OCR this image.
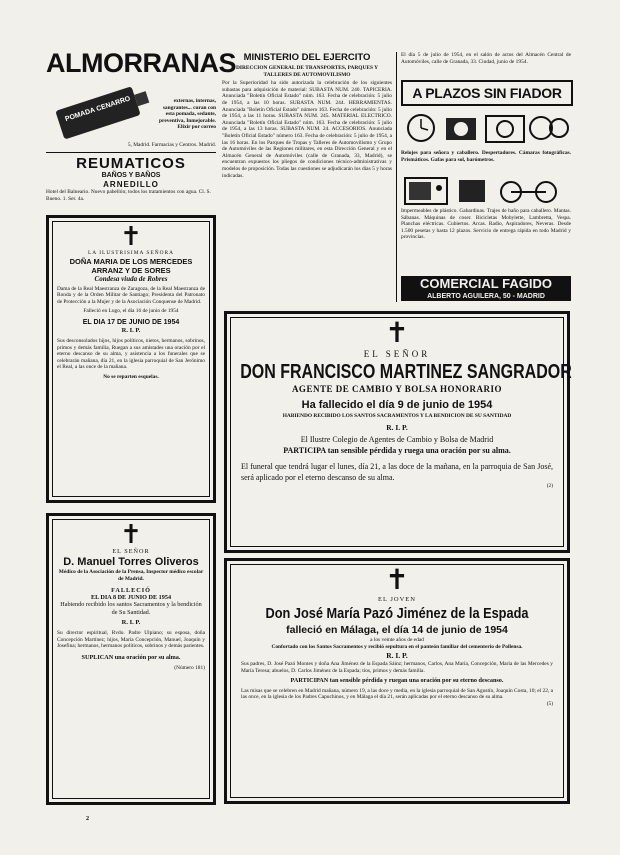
ALMORRANAS
POMADA CENARRO	externas, internas, sangrantes... curan con esta pomada, sedante, preventiva, Inmejorable. Elixir por correo
5, Madrid. Farmacias y Centros. Madrid.
REUMATICOS
BAÑOS Y BAÑOS
ARNEDILLO
Hotel del Balneario. Nuevo pabellón; todos los tratamientos con agua. Cl. S. Bueno. 1. Ser. 4a.
✝
LA ILUSTRISIMA SEÑORA
DOÑA MARIA DE LOS MERCEDES ARRANZ Y DE SORES
Condesa viuda de Robres
Dama de la Real Maestranza de Zaragoza, de la Real Maestranza de Ronda y de la Orden Militar de Santiago; Presidenta del Patronato de Protección a la Mujer y de la Asociación Conquense de Madrid.
Falleció en Lugo, el día 16 de junio de 1954
EL DIA 17 DE JUNIO DE 1954
R. I. P.
Sus desconsolados hijos, hijos políticos, nietos, hermanos, sobrinos, primos y demás familia, Ruegan a sus amistades una oración por el eterno descanso de su alma, y asistencia a los funerales que se celebrarán mañana, día 21, en la iglesia parroquial de San Jerónimo el Real, a las once de la mañana.
No se reparten esquelas.
✝
EL SEÑOR
D. Manuel Torres Oliveros
Médico de la Asociación de la Prensa, Inspector médico escolar de Madrid.
FALLECIÓ
EL DIA 8 DE JUNIO DE 1954
Habiendo recibido los santos Sacramentos y la bendición de Su Santidad.
R. I. P.
Su director espiritual, Rvdo. Padre Ulpiano; su esposa, doña Concepción Martínez; hijos, María Concepción, Manuel, Joaquín y Josefina; hermanos, hermanos políticos, sobrinos y demás parientes.
SUPLICAN una oración por su alma.
(Número 181)
MINISTERIO DEL EJERCITO
DIRECCION GENERAL DE TRANSPORTES, PARQUES Y TALLERES DE AUTOMOVILISMO
Por la Superioridad ha sido autorizada la celebración de los siguientes subastas para adquisición de material: SUBASTA NUM. 240. TAPICERIA. Anunciada "Boletín Oficial Estado" núm. 163. Fecha de celebración: 5 julio de 1954, a las 10 horas. SUBASTA NUM. 244. HERRAMIENTAS. Anunciada "Boletín Oficial Estado" número 163. Fecha de celebración: 5 julio de 1954, a las 11 horas. SUBASTA NUM. 245. MATERIAL ELECTRICO. Anunciada "Boletín Oficial Estado" núm. 163. Fecha de celebración: 5 julio de 1954, a las 13 horas. SUBASTA NUM. 24. ACCESORIOS. Anunciada "Boletín Oficial Estado" número 163. Fecha de celebración: 5 julio de 1954, a las 16 horas. En los Parques de Tropas y Talleres de Automovilismo y Grupo de Automóviles de las Regiones militares, en esta Dirección General y en el Almacén General de Automóviles (calle de Granada, 33, Madrid), se encuentran expuestos los pliegos de condiciones técnico-administrativas y modelos de proposición. Todas las cuestiones se adjudicarán los días 5 y horas indicadas.
El día 5 de julio de 1954, en el salón de actos del Almacén Central de Automóviles, calle de Granada, 33. Ciudad, junio de 1954.
A PLAZOS SIN FIADOR
Relojes para señora y caballero. Despertadores. Cámaras fotográficas. Prismáticos. Gafas para sol, barómetros.
Impermeables de plástico. Gabardinas. Trajes de baño para caballero. Mantas. Sábanas. Máquinas de coser. Bicicletas Mobylette, Lambretta, Vespa. Planchas eléctricas. Cubiertos. Arcas. Radio, Aspiradores, Neveras. Desde 1.500 pesetas y hasta 12 plazos. Servicio de entrega rápida en todo Madrid y provincias.
COMERCIAL FAGIDO
ALBERTO AGUILERA, 50 - MADRID
✝
EL SEÑOR
DON FRANCISCO MARTINEZ SANGRADOR
AGENTE DE CAMBIO Y BOLSA HONORARIO
Ha fallecido el día 9 de junio de 1954
HABIENDO RECIBIDO LOS SANTOS SACRAMENTOS Y LA BENDICION DE SU SANTIDAD
R. I. P.
El Ilustre Colegio de Agentes de Cambio y Bolsa de Madrid
PARTICIPA tan sensible pérdida y ruega una oración por su alma.
El funeral que tendrá lugar el lunes, día 21, a las doce de la mañana, en la parroquia de San José, será aplicado por el eterno descanso de su alma.
(2)
✝
EL JOVEN
Don José María Pazó Jiménez de la Espada
falleció en Málaga, el día 14 de junio de 1954
a los veinte años de edad
Confortado con los Santos Sacramentos y recibió sepultura en el panteón familiar del cementerio de Pollensa.
R. I. P.
Sus padres, D. José Pazó Montes y doña Ana Jiménez de la Espada Sáinz; hermanos, Carlos, Ana María, Concepción, María de las Mercedes y María Teresa; abuelos, D. Carlos Jiménez de la Espada; tíos, primos y demás familia.
PARTICIPAN tan sensible pérdida y ruegan una oración por su eterno descanso.
Las misas que se celebren en Madrid mañana, número 19, a las doce y media, en la iglesia parroquial de San Agustín, Joaquín Costa, 10; el 22, a las once, en la iglesia de los Padres Capuchinos, y en Málaga el día 21, serán aplicadas por el eterno descanso de su alma.
(5)
2
